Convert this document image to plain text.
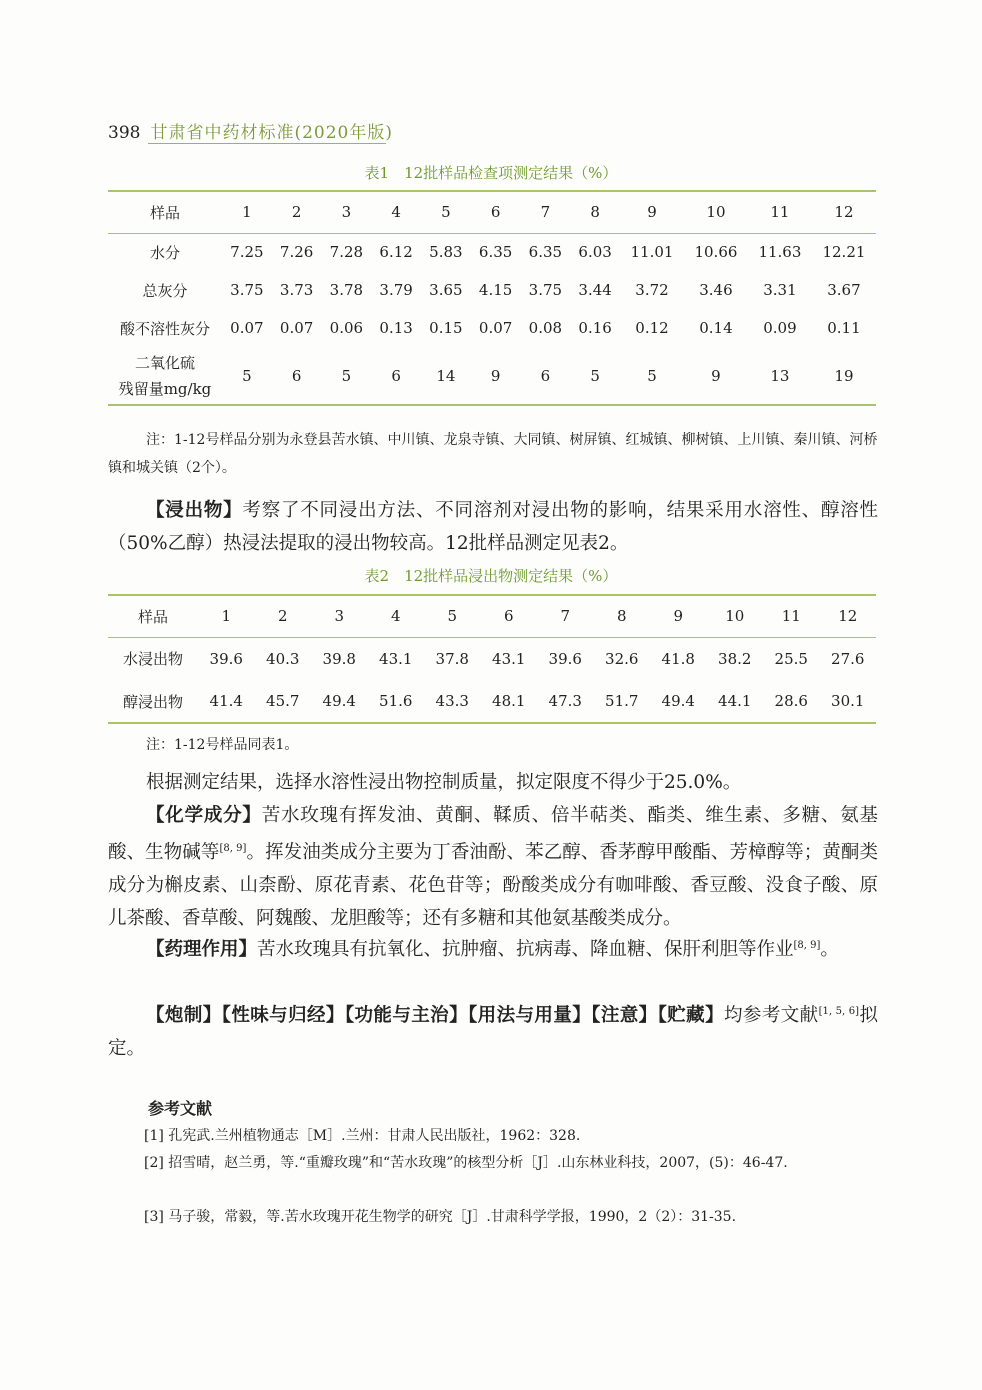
398 甘肃省中药材标准(2020年版)
表1　12批样品检查项测定结果（%）
样品	1	2	3	4	5	6	7	8	9	10	11	12
水分	7.25	7.26	7.28	6.12	5.83	6.35	6.35	6.03	11.01	10.66	11.63	12.21
总灰分	3.75	3.73	3.78	3.79	3.65	4.15	3.75	3.44	3.72	3.46	3.31	3.67
酸不溶性灰分	0.07	0.07	0.06	0.13	0.15	0.07	0.08	0.16	0.12	0.14	0.09	0.11

二氧化硫
残留量mg/kg	5	6	5	6	14	9	6	5	5	9	13	19
注：1-12号样品分别为永登县苦水镇、中川镇、龙泉寺镇、大同镇、树屏镇、红城镇、柳树镇、上川镇、秦川镇、河桥镇和城关镇（2个）。
【浸出物】考察了不同浸出方法、不同溶剂对浸出物的影响，结果采用水溶性、醇溶性（50%乙醇）热浸法提取的浸出物较高。12批样品测定见表2。
表2　12批样品浸出物测定结果（%）
样品	1	2	3	4	5	6	7	8	9	10	11	12
水浸出物	39.6	40.3	39.8	43.1	37.8	43.1	39.6	32.6	41.8	38.2	25.5	27.6
醇浸出物	41.4	45.7	49.4	51.6	43.3	48.1	47.3	51.7	49.4	44.1	28.6	30.1
注：1-12号样品同表1。
根据测定结果，选择水溶性浸出物控制质量，拟定限度不得少于25.0%。
【化学成分】苦水玫瑰有挥发油、黄酮、鞣质、倍半萜类、酯类、维生素、多糖、氨基酸、生物碱等[8, 9]。挥发油类成分主要为丁香油酚、苯乙醇、香茅醇甲酸酯、芳樟醇等；黄酮类成分为槲皮素、山柰酚、原花青素、花色苷等；酚酸类成分有咖啡酸、香豆酸、没食子酸、原儿茶酸、香草酸、阿魏酸、龙胆酸等；还有多糖和其他氨基酸类成分。
【药理作用】苦水玫瑰具有抗氧化、抗肿瘤、抗病毒、降血糖、保肝利胆等作业[8, 9]。
【炮制】【性味与归经】【功能与主治】【用法与用量】【注意】【贮藏】均参考文献[1, 5, 6]拟定。
参考文献
[1] 孔宪武.兰州植物通志［M］.兰州：甘肃人民出版社，1962：328.
[2] 招雪晴，赵兰勇，等.“重瓣玫瑰”和“苦水玫瑰”的核型分析［J］.山东林业科技，2007，(5)：46-47.
[3] 马子骏，常毅，等.苦水玫瑰开花生物学的研究［J］.甘肃科学学报，1990，2（2）：31-35.
